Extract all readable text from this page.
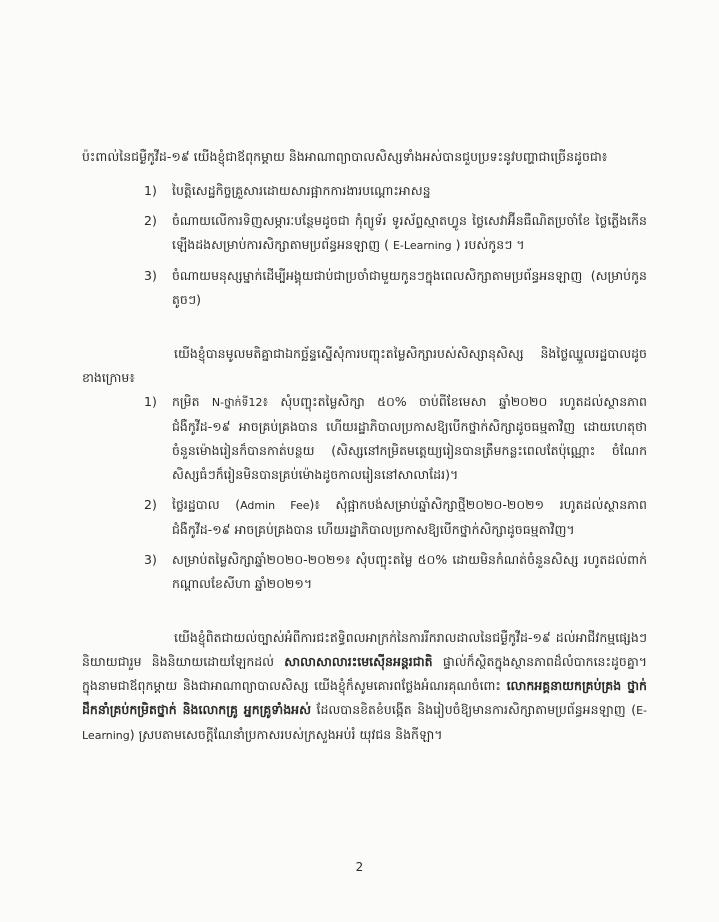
ប៉ះពាល់នៃជម្ងឺកូវីដ-១៩ យើងខ្ញុំជាឪពុកម្តាយ និងអាណាព្យាបាលសិស្សទាំងអស់បានជួបប្រទះនូវបញ្ហាជាច្រើនដូចជា៖

1) បៃត្តិសេដ្ឋកិច្ចគ្រួសារដោយសារផ្អាកការងារបណ្តោះអាសន្ន
2) ចំណាយលើការទិញសម្ភារៈបន្ថែមដូចជា កុំព្យូទ័រ ទូរស័ព្ទស្មាតហ្វូន ថ្លៃសេវាអ៊ីនធឺណិតប្រចាំខែ ថ្លៃភ្លើងកើនឡើងដងសម្រាប់ការសិក្សាតាមប្រព័ន្ធអនឡាញ ( E-Learning ) របស់កូនៗ ។
3) ចំណាយមនុស្សម្នាក់ដើម្បីអង្គុយជាប់ជាប្រចាំជាមួយកូនៗក្នុងពេលសិក្សាតាមប្រព័ន្ធអនឡាញ (សម្រាប់កូនតូចៗ)

យើងខ្ញុំបានមូលមតិគ្នាជាឯកច្ឆ័ន្ទស្នើសុំការបញ្ចុះតម្លៃសិក្សារបស់សិស្សានុសិស្ស និងថ្លៃឈ្នួលរដ្ឋបាលដូចខាងក្រោម៖

1) កម្រិត N-ថ្នាក់ទី12៖ សុំបញ្ចុះតម្លៃសិក្សា ៥០% ចាប់ពីខែមេសា ឆ្នាំ២០២០ រហូតដល់ស្ថានភាពជំងឺកូវីដ-១៩ អាចគ្រប់គ្រងបាន ហើយរដ្ឋាភិបាលប្រកាសឱ្យបើកថ្នាក់សិក្សាដូចធម្មតាវិញ ដោយហេតុថាចំនួនម៉ោងរៀនក៏បានកាត់បន្ថយ (សិស្សនៅកម្រិតមត្តេយ្យរៀនបានត្រឹមកន្លះពេលតែប៉ុណ្ណោះ ចំណែកសិស្សធំៗក៏រៀនមិនបានគ្រប់ម៉ោងដូចកាលរៀននៅសាលាដែរ)។
2) ថ្លៃរដ្ឋបាល (Admin Fee)៖ សុំផ្អាកបង់សម្រាប់ឆ្នាំសិក្សាថ្មី២០២០-២០២១ រហូតដល់ស្ថានភាពជំងឺកូវីដ-១៩ អាចគ្រប់គ្រងបាន ហើយរដ្ឋាភិបាលប្រកាសឱ្យបើកថ្នាក់សិក្សាដូចធម្មតាវិញ។
3) សម្រាប់តម្លៃសិក្សាឆ្នាំ២០២០-២០២១៖ សុំបញ្ចុះតម្លៃ ៥០% ដោយមិនកំណត់ចំនួនសិស្ស រហូតដល់ពាក់កណ្តាលខែសីហា ឆ្នាំ២០២១។

យើងខ្ញុំពិតជាយល់ច្បាស់អំពីការជះឥទ្ធិពលអាក្រក់នៃការរីករាលដាលនៃជម្ងឺកូវីដ-១៩ ដល់អាជីវកម្មផ្សេងៗ និយាយជារួម និងនិយាយដោយឡែកដល់ សាលាសាលារះមេស៊ើនអន្តរជាតិ ផ្ទាល់ក៏ស្ថិតក្នុងស្ថានភាពដ៏លំបាកនេះដូចគ្នា។ ក្នុងនាមជាឪពុកម្តាយ និងជាអាណាព្យាបាលសិស្ស យើងខ្ញុំក៏សូមគោរពថ្លែងអំណរគុណចំពោះ លោកអគ្គនាយកគ្រប់គ្រង ថ្នាក់ដឹកនាំគ្រប់កម្រិតថ្នាក់ និងលោកគ្រូ អ្នកគ្រូទាំងអស់ ដែលបានខិតខំបង្កើត និងរៀបចំឱ្យមានការសិក្សាតាមប្រព័ន្ធអនឡាញ (E-Learning) ស្របតាមសេចក្តីណែនាំប្រកាសរបស់ក្រសួងអប់រំ យុវជន និងកីឡា។

2
